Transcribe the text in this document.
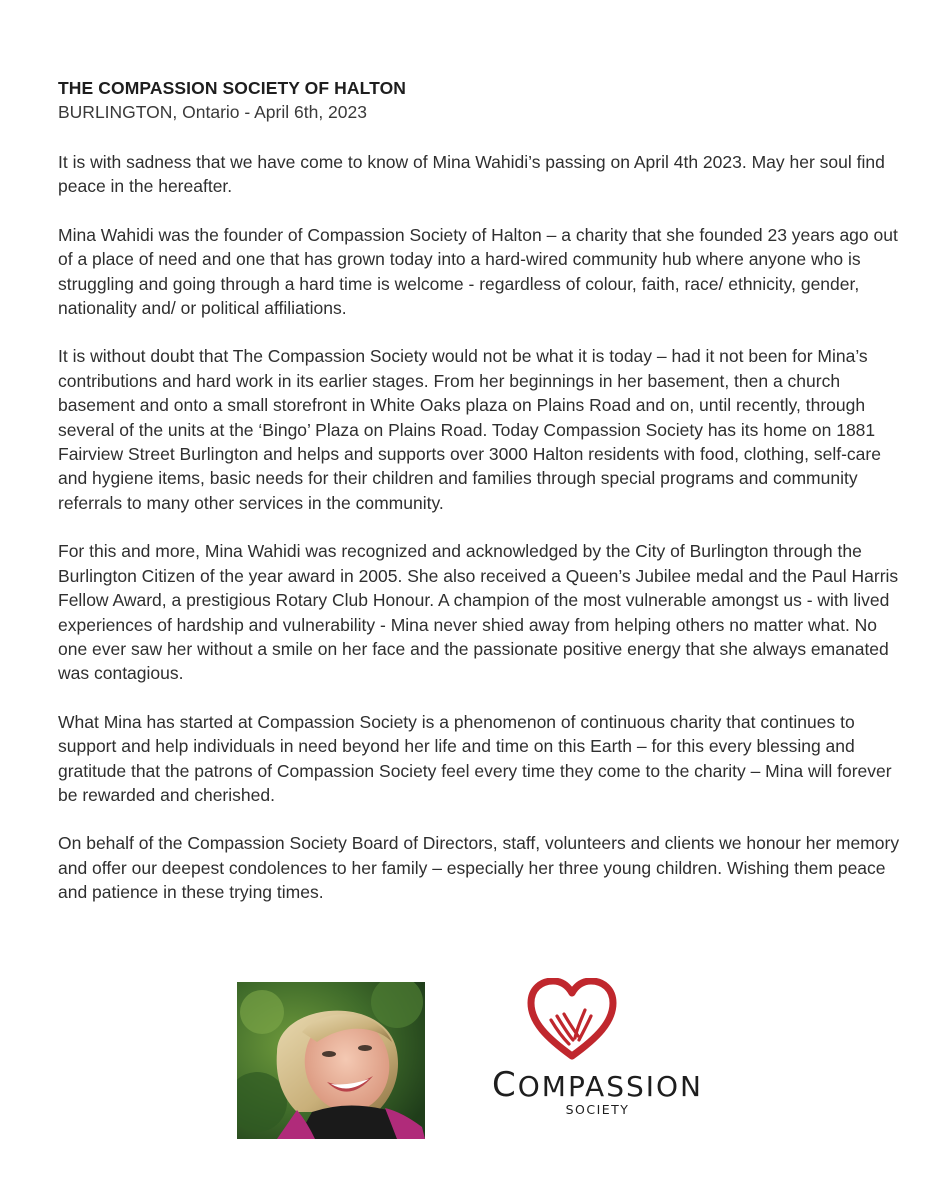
THE COMPASSION SOCIETY OF HALTON

BURLINGTON, Ontario - April 6th, 2023

It is with sadness that we have come to know of Mina Wahidi’s passing on April 4th 2023. May her soul find peace in the hereafter.

Mina Wahidi was the founder of Compassion Society of Halton – a charity that she founded 23 years ago out of a place of need and one that has grown today into a hard-wired community hub where anyone who is struggling and going through a hard time is welcome - regardless of colour, faith, race/ ethnicity, gender, nationality and/ or political affiliations.

It is without doubt that The Compassion Society would not be what it is today – had it not been for Mina’s contributions and hard work in its earlier stages. From her beginnings in her basement, then a church basement and onto a small storefront in White Oaks plaza on Plains Road and on, until recently, through several of the units at the ‘Bingo’ Plaza on Plains Road. Today Compassion Society has its home on 1881 Fairview Street Burlington and helps and supports over 3000 Halton residents with food, clothing, self-care and hygiene items, basic needs for their children and families through special programs and community referrals to many other services in the community.

For this and more, Mina Wahidi was recognized and acknowledged by the City of Burlington through the Burlington Citizen of the year award in 2005. She also received a Queen’s Jubilee medal and the Paul Harris Fellow Award, a prestigious Rotary Club Honour. A champion of the most vulnerable amongst us - with lived experiences of hardship and vulnerability - Mina never shied away from helping others no matter what. No one ever saw her without a smile on her face and the passionate positive energy that she always emanated was contagious.

What Mina has started at Compassion Society is a phenomenon of continuous charity that continues to support and help individuals in need beyond her life and time on this Earth – for this every blessing and gratitude that the patrons of Compassion Society feel every time they come to the charity – Mina will forever be rewarded and cherished.

On behalf of the Compassion Society Board of Directors, staff, volunteers and clients we honour her memory and offer our deepest condolences to her family – especially her three young children. Wishing them peace and patience in these trying times.

COMPASSION
SOCIETY
